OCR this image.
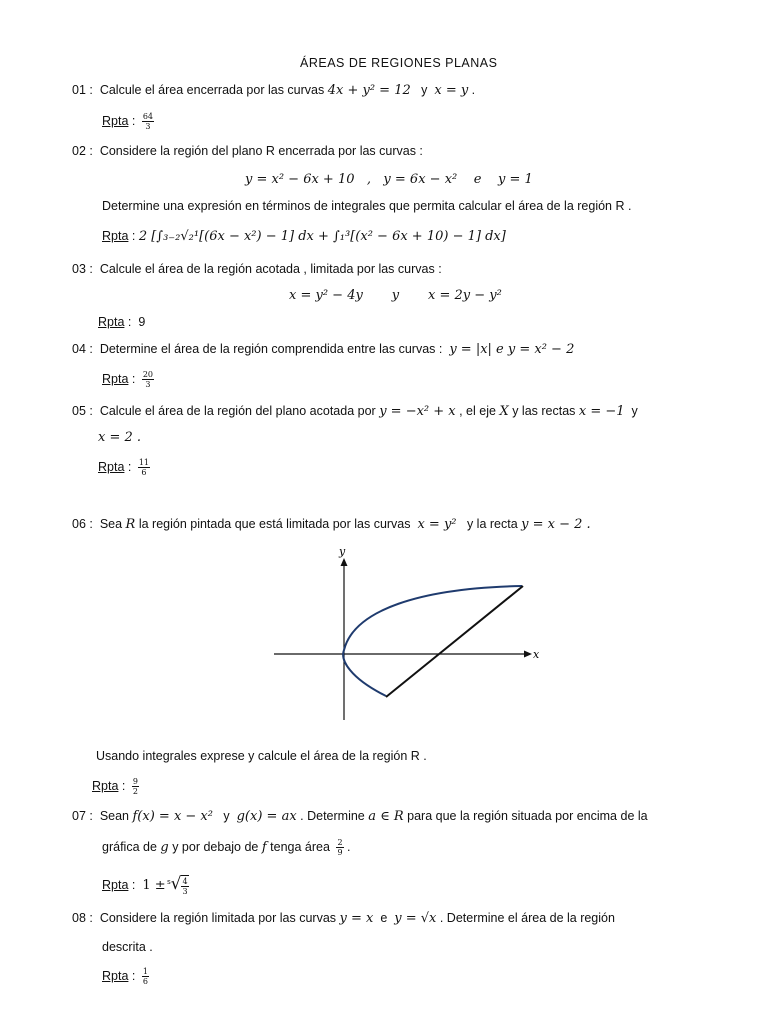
ÁREAS DE REGIONES PLANAS
01 : Calcule el área encerrada por las curvas 4x + y² = 12 y x = y .
Rpta : $\frac{64}{3}$
02 : Considere la región del plano R encerrada por las curvas :
y = x² − 6x + 10   ,   y = 6x − x²    e    y = 1
Determine una expresión en términos de integrales que permita calcular el área de la región R .
Rpta : 2 [∫₃₋₂√₂¹[(6x − x²) − 1] dx + ∫₁³[(x² − 6x + 10) − 1] dx]
03 : Calcule el área de la región acotada , limitada por las curvas :
x = y² − 4y       y       x = 2y − y²
Rpta :  9
04 : Determine el área de la región comprendida entre las curvas : y = |x| e y = x² − 2
Rpta : $\frac{20}{3}$
05 : Calcule el área de la región del plano acotada por y = −x² + x , el eje X y las rectas x = −1 y
x = 2 .
Rpta : $\frac{11}{6}$
06 : Sea R la región pintada que está limitada por las curvas x = y² y la recta y = x − 2 .
x
y
Usando integrales exprese y calcule el área de la región R .
Rpta : $\frac{9}{2}$
07 : Sean f(x) = x − x² y g(x) = ax . Determine a ∈ R para que la región situada por encima de la
gráfica de g y por debajo de f tenga área $\frac{2}{9}$ .
Rpta :  $1 \pm ^s√ \frac{4}{3}$
08 : Considere la región limitada por las curvas y = x e y = √x . Determine el área de la región
descrita .
Rpta : $\frac{1}{6}$
